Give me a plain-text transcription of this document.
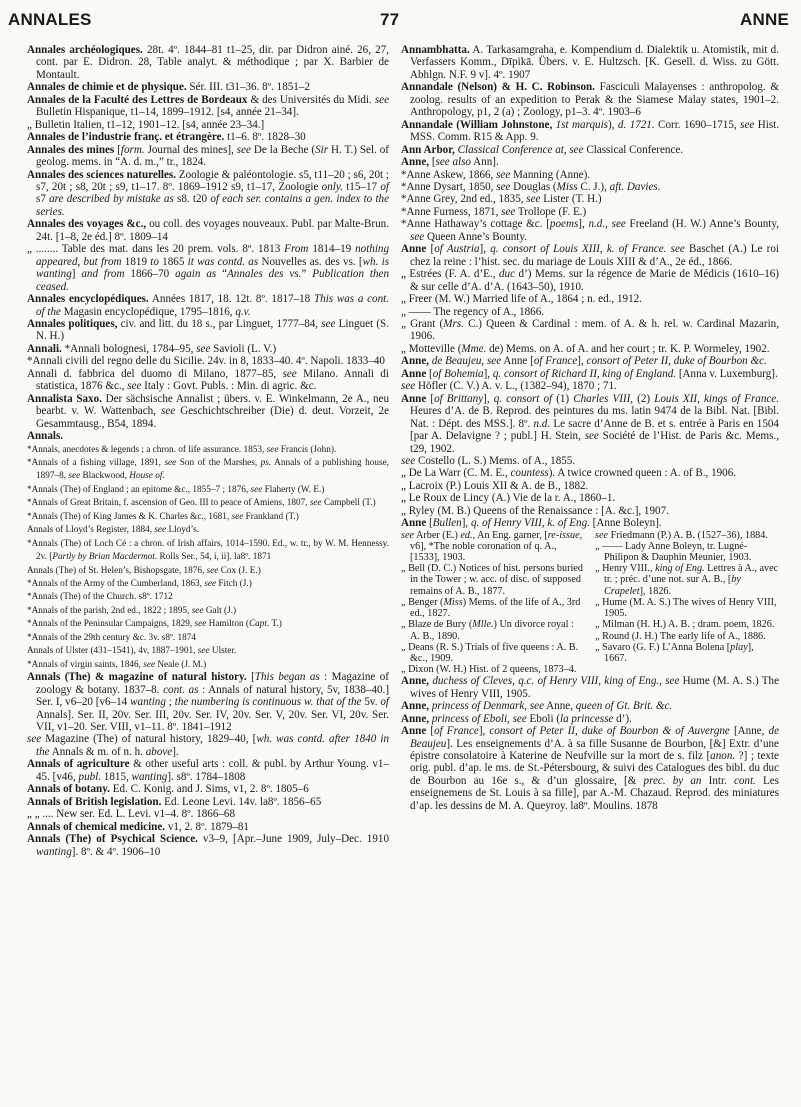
ANNALES	77	ANNE

Annales archéologiques. 28t. 4º. 1844–81 t1–25, dir. par Didron ainé. 26, 27, cont. par E. Didron. 28, Table analyt. & méthodique ; par X. Barbier de Montault.

Annales de chimie et de physique. Sér. III. t31–36. 8º. 1851–2

Annales de la Faculté des Lettres de Bordeaux & des Universités du Midi. see Bulletin Hispanique, t1–14, 1899–1912. [s4, année 21–34].

„ Bulletin Italien, t1–12, 1901–12. [s4, année 23–34.]

Annales de l’industrie franç. et étrangère. t1–6. 8º. 1828–30

Annales des mines [form. Journal des mines], see De la Beche (Sir H. T.) Sel. of geolog. mems. in “A. d. m.,” tr., 1824.

Annales des sciences naturelles. Zoologie & paléontologie. s5, t11–20 ; s6, 20t ; s7, 20t ; s8, 20t ; s9, t1–17. 8º. 1869–1912 s9, t1–17, Zoologie only. t15–17 of s7 are described by mistake as s8. t20 of each ser. contains a gen. index to the series.

Annales des voyages &c., ou coll. des voyages nouveaux. Publ. par Malte-Brun. 24t. [1–8, 2e éd.] 8º. 1809–14

„ ........ Table des mat. dans les 20 prem. vols. 8º. 1813 From 1814–19 nothing appeared, but from 1819 to 1865 it was contd. as Nouvelles as. des vs. [wh. is wanting] and from 1866–70 again as “Annales des vs.” Publication then ceased.

Annales encyclopédiques. Années 1817, 18. 12t. 8º. 1817–18 This was a cont. of the Magasin encyclopédique, 1795–1816, q.v.

Annales politiques, civ. and litt. du 18 s., par Linguet, 1777–84, see Linguet (S. N. H.)

Annali. *Annali bolognesi, 1784–95, see Savioli (L. V.)

*Annali civili del regno delle du Sicilie. 24v. in 8, 1833–40. 4º. Napoli. 1833–40

Annali d. fabbrica del duomo di Milano, 1877–85, see Milano. Annali di statistica, 1876 &c., see Italy : Govt. Publs. : Min. di agric. &c.

Annalista Saxo. Der sächsische Annalist ; übers. v. E. Winkelmann, 2e A., neu bearbt. v. W. Wattenbach, see Geschichtschreiber (Die) d. deut. Vorzeit, 2e Gesammtausg., B54, 1894.

Annals.

*Annals, anecdotes & legends ; a chron. of life assurance. 1853, see Francis (John).

*Annals of a fishing village, 1891, see Son of the Marshes, ps. Annals of a publishing house, 1897–8, see Blackwood, House of.

*Annals (The) of England ; an epitome &c., 1855–7 ; 1876, see Flaherty (W. E.)

*Annals of Great Britain, f. ascension of Geo. III to peace of Amiens, 1807, see Campbell (T.)

*Annals (The) of King James & K. Charles &c., 1681, see Frankland (T.)

Annals of Lloyd’s Register, 1884, see Lloyd’s.

*Annals (The) of Loch Cé : a chron. of Irish affairs, 1014–1590. Ed., w. tr., by W. M. Hennessy. 2v. [Partly by Brian Macdermot. Rolls Ser., 54, i, ii]. la8º. 1871

Annals (The) of St. Helen’s, Bishopsgate, 1876, see Cox (J. E.)

*Annals of the Army of the Cumberland, 1863, see Fitch (J.)

*Annals (The) of the Church. s8º. 1712

*Annals of the parish, 2nd ed., 1822 ; 1895, see Galt (J.)

*Annals of the Peninsular Campaigns, 1829, see Hamilton (Capt. T.)

*Annals of the 29th century &c. 3v. s8º. 1874

Annals of Ulster (431–1541), 4v, 1887–1901, see Ulster.

*Annals of virgin saints, 1846, see Neale (J. M.)

Annals (The) & magazine of natural history. [This began as : Magazine of zoology & botany. 1837–8. cont. as : Annals of natural history, 5v, 1838–40.] Ser. I, v6–20 [v6–14 wanting ; the numbering is continuous w. that of the 5v. of Annals]. Ser. II, 20v. Ser. III, 20v. Ser. IV, 20v. Ser. V, 20v. Ser. VI, 20v. Ser. VII, v1–20. Ser. VIII, v1–11. 8º. 1841–1912

see Magazine (The) of natural history, 1829–40, [wh. was contd. after 1840 in the Annals & m. of n. h. above].

Annals of agriculture & other useful arts : coll. & publ. by Arthur Young. v1–45. [v46, publ. 1815, wanting]. s8º. 1784–1808

Annals of botany. Ed. C. Konig. and J. Sims, v1, 2. 8º. 1805–6

Annals of British legislation. Ed. Leone Levi. 14v. la8º. 1856–65

„ „ .... New ser. Ed. L. Levi. v1–4. 8º. 1866–68

Annals of chemical medicine. v1, 2. 8º. 1879–81

Annals (The) of Psychical Science. v3–9, [Apr.–June 1909, July–Dec. 1910 wanting]. 8º. & 4º. 1906–10

Annambhatta. A. Tarkasamgraha, e. Kompendium d. Dialektik u. Atomistik, mit d. Verfassers Komm., Dīpikā. Übers. v. E. Hultzsch. [K. Gesell. d. Wiss. zu Gött. Abhlgn. N.F. 9 v]. 4º. 1907

Annandale (Nelson) & H. C. Robinson. Fasciculi Malayenses : anthropolog. & zoolog. results of an expedition to Perak & the Siamese Malay states, 1901–2. Anthropology, p1, 2 (a) ; Zoology, p1–3. 4º. 1903–6

Annandale (William Johnstone, 1st marquis), d. 1721. Corr. 1690–1715, see Hist. MSS. Comm. R15 & App. 9.

Ann Arbor, Classical Conference at, see Classical Conference.

Anne, [see also Ann].

*Anne Askew, 1866, see Manning (Anne).

*Anne Dysart, 1850, see Douglas (Miss C. J.), aft. Davies.

*Anne Grey, 2nd ed., 1835, see Lister (T. H.)

*Anne Furness, 1871, see Trollope (F. E.)

*Anne Hathaway’s cottage &c. [poems], n.d., see Freeland (H. W.) Anne’s Bounty, see Queen Anne’s Bounty.

Anne [of Austria], q. consort of Louis XIII, k. of France. see Baschet (A.) Le roi chez la reine : l’hist. sec. du mariage de Louis XIII & d’A., 2e éd., 1866.

„ Estrées (F. A. d’E., duc d’) Mems. sur la régence de Marie de Médicis (1610–16) & sur celle d’A. d’A. (1643–50), 1910.

„ Freer (M. W.) Married life of A., 1864 ; n. ed., 1912.

„ —— The regency of A., 1866.

„ Grant (Mrs. C.) Queen & Cardinal : mem. of A. & h. rel. w. Cardinal Mazarin, 1906.

„ Motteville (Mme. de) Mems. on A. of A. and her court ; tr. K. P. Wormeley, 1902.

Anne, de Beaujeu, see Anne [of France], consort of Peter II, duke of Bourbon &c.

Anne [of Bohemia], q. consort of Richard II, king of England. [Anna v. Luxemburg].

see Höfler (C. V.) A. v. L., (1382–94), 1870 ; 71.

Anne [of Brittany], q. consort of (1) Charles VIII, (2) Louis XII, kings of France. Heures d’A. de B. Reprod. des peintures du ms. latin 9474 de la Bibl. Nat. [Bibl. Nat. : Dépt. des MSS.]. 8º. n.d. Le sacre d’Anne de B. et s. entrée à Paris en 1504 [par A. Delavigne ? ; publ.] H. Stein, see Société de l’Hist. de Paris &c. Mems., t29, 1902.

see Costello (L. S.) Mems. of A., 1855.

„ De La Warr (C. M. E., countess). A twice crowned queen : A. of B., 1906.

„ Lacroix (P.) Louis XII & A. de B., 1882.

„ Le Roux de Lincy (A.) Vie de la r. A., 1860–1.

„ Ryley (M. B.) Queens of the Renaissance : [A. &c.], 1907.

Anne [Bullen], q. of Henry VIII, k. of Eng. [Anne Boleyn].

see Arber (E.) ed., An Eng. garner, [re-issue, v6], *The noble coronation of q. A., [1533], 1903.

„ Bell (D. C.) Notices of hist. persons buried in the Tower ; w. acc. of disc. of supposed remains of A. B., 1877.

„ Benger (Miss) Mems. of the life of A., 3rd ed., 1827.

„ Blaze de Bury (Mlle.) Un divorce royal : A. B., 1890.

„ Deans (R. S.) Trials of five queens : A. B. &c., 1909.

„ Dixon (W. H.) Hist. of 2 queens, 1873–4.

see Friedmann (P.) A. B. (1527–36), 1884.

„ —— Lady Anne Boleyn, tr. Lugné-Philipon & Dauphin Meunier, 1903.

„ Henry VIII., king of Eng. Lettres à A., avec tr. ; préc. d’une not. sur A. B., [by Crapelet], 1826.

„ Hume (M. A. S.) The wives of Henry VIII, 1905.

„ Milman (H. H.) A. B. ; dram. poem, 1826.

„ Round (J. H.) The early life of A., 1886.

„ Savaro (G. F.) L’Anna Bolena [play], 1667.

Anne, duchess of Cleves, q.c. of Henry VIII, king of Eng., see Hume (M. A. S.) The wives of Henry VIII, 1905.

Anne, princess of Denmark, see Anne, queen of Gt. Brit. &c.

Anne, princess of Eboli, see Eboli (la princesse d’).

Anne [of France], consort of Peter II, duke of Bourbon & of Auvergne [Anne, de Beaujeu]. Les enseignements d’A. à sa fille Susanne de Bourbon, [&] Extr. d’une épistre consolatoire à Katerine de Neufville sur la mort de s. filz [anon. ?] ; texte orig. publ. d’ap. le ms. de St.-Pétersbourg, & suivi des Catalogues des bibl. du duc de Bourbon au 16e s., & d’un glossaire, [& prec. by an Intr. cont. Les enseignemens de St. Louis à sa fille], par A.-M. Chazaud. Reprod. des miniatures d’ap. les dessins de M. A. Queyroy. la8º. Moulins. 1878
